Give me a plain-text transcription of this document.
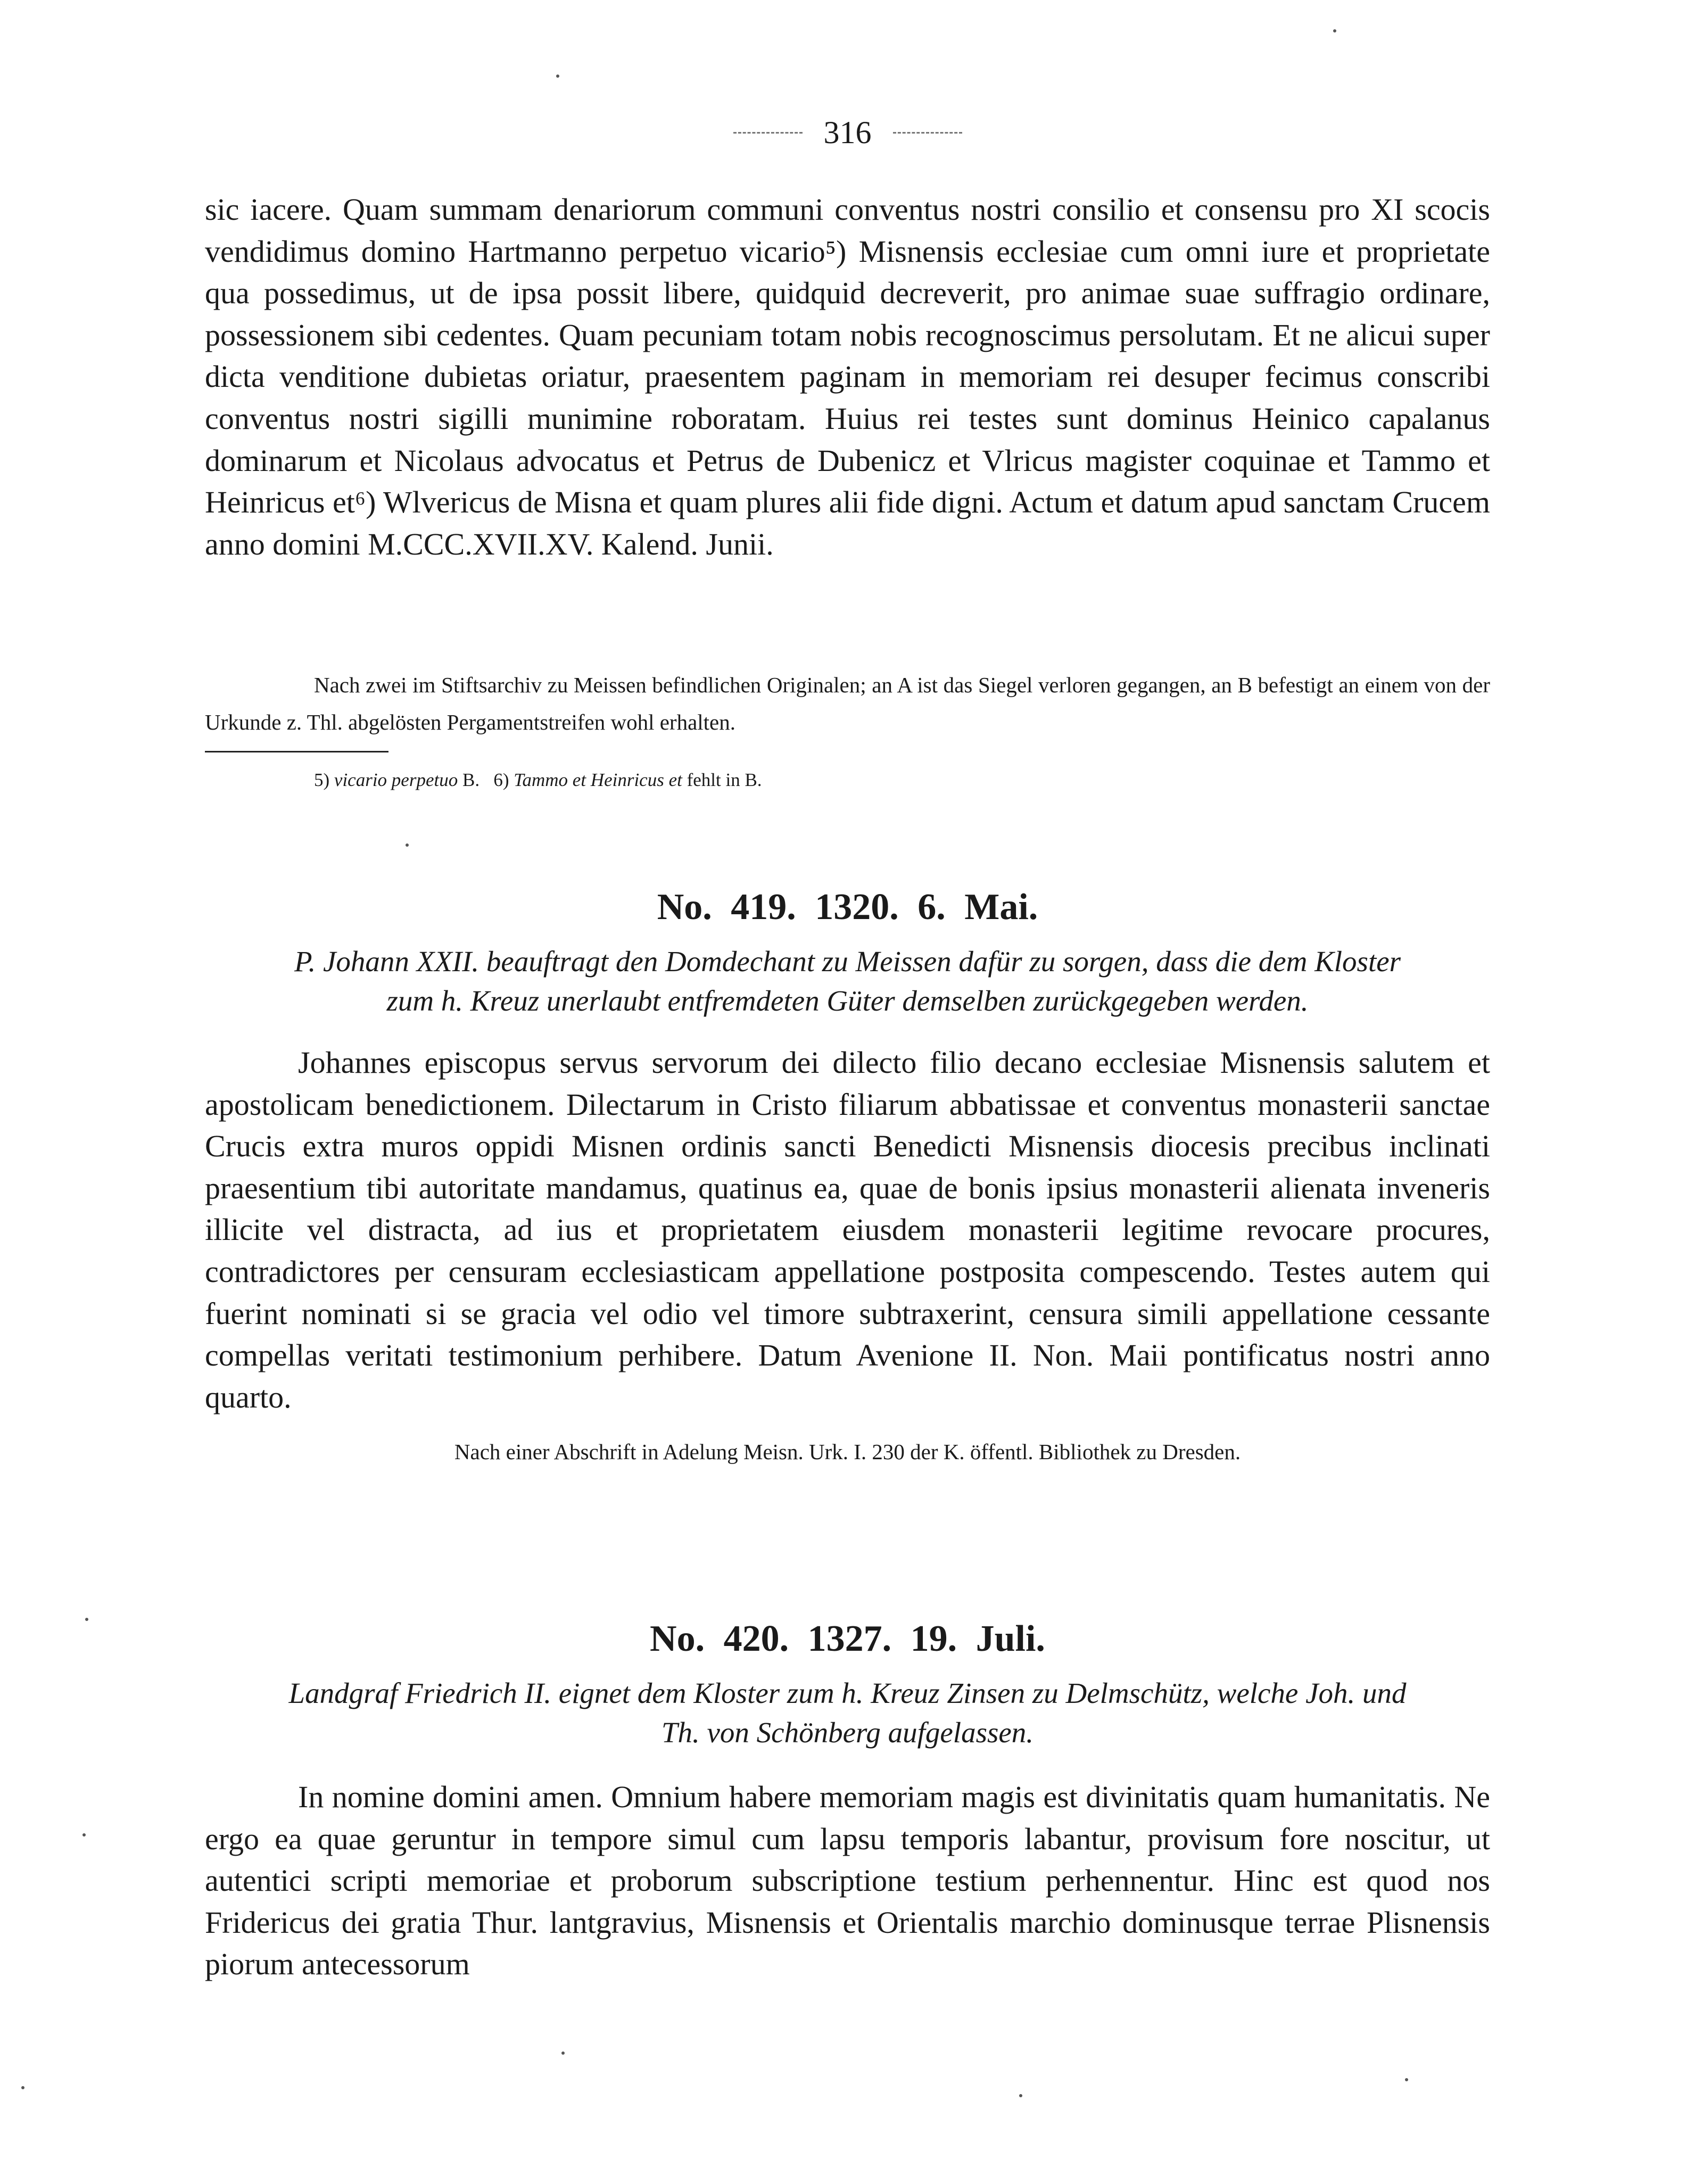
316

sic iacere. Quam summam denariorum communi conventus nostri consilio et consensu pro XI scocis vendidimus domino Hartmanno perpetuo vicario⁵) Misnensis ecclesiae cum omni iure et proprietate qua possedimus, ut de ipsa possit libere, quidquid decreverit, pro animae suae suffragio ordinare, possessionem sibi cedentes. Quam pecuniam totam nobis recognoscimus persolutam. Et ne alicui super dicta venditione dubietas oriatur, praesentem paginam in memoriam rei desuper fecimus conscribi conventus nostri sigilli munimine roboratam. Huius rei testes sunt dominus Heinico capalanus dominarum et Nicolaus advocatus et Petrus de Dubenicz et Vlricus magister coquinae et Tammo et Heinricus et⁶) Wlvericus de Misna et quam plures alii fide digni. Actum et datum apud sanctam Crucem anno domini M.CCC.XVII.XV. Kalend. Junii.

Nach zwei im Stiftsarchiv zu Meissen befindlichen Originalen; an A ist das Siegel verloren gegangen, an B befestigt an einem von der Urkunde z. Thl. abgelösten Pergamentstreifen wohl erhalten.

5) vicario perpetuo B. 6) Tammo et Heinricus et fehlt in B.

No. 419. 1320. 6. Mai.

P. Johann XXII. beauftragt den Domdechant zu Meissen dafür zu sorgen, dass die dem Kloster

zum h. Kreuz unerlaubt entfremdeten Güter demselben zurückgegeben werden.

Johannes episcopus servus servorum dei dilecto filio decano ecclesiae Misnensis salutem et apostolicam benedictionem. Dilectarum in Cristo filiarum abbatissae et conventus monasterii sanctae Crucis extra muros oppidi Misnen ordinis sancti Benedicti Misnensis diocesis precibus inclinati praesentium tibi autoritate mandamus, quatinus ea, quae de bonis ipsius monasterii alienata inveneris illicite vel distracta, ad ius et proprietatem eiusdem monasterii legitime revocare procures, contradictores per censuram ecclesiasticam appellatione postposita compescendo. Testes autem qui fuerint nominati si se gracia vel odio vel timore subtraxerint, censura simili appellatione cessante compellas veritati testimonium perhibere. Datum Avenione II. Non. Maii pontificatus nostri anno quarto.

Nach einer Abschrift in Adelung Meisn. Urk. I. 230 der K. öffentl. Bibliothek zu Dresden.

No. 420. 1327. 19. Juli.

Landgraf Friedrich II. eignet dem Kloster zum h. Kreuz Zinsen zu Delmschütz, welche Joh. und

Th. von Schönberg aufgelassen.

In nomine domini amen. Omnium habere memoriam magis est divinitatis quam humanitatis. Ne ergo ea quae geruntur in tempore simul cum lapsu temporis labantur, provisum fore noscitur, ut autentici scripti memoriae et proborum subscriptione testium perhennentur. Hinc est quod nos Fridericus dei gratia Thur. lantgravius, Misnensis et Orientalis marchio dominusque terrae Plisnensis piorum antecessorum
